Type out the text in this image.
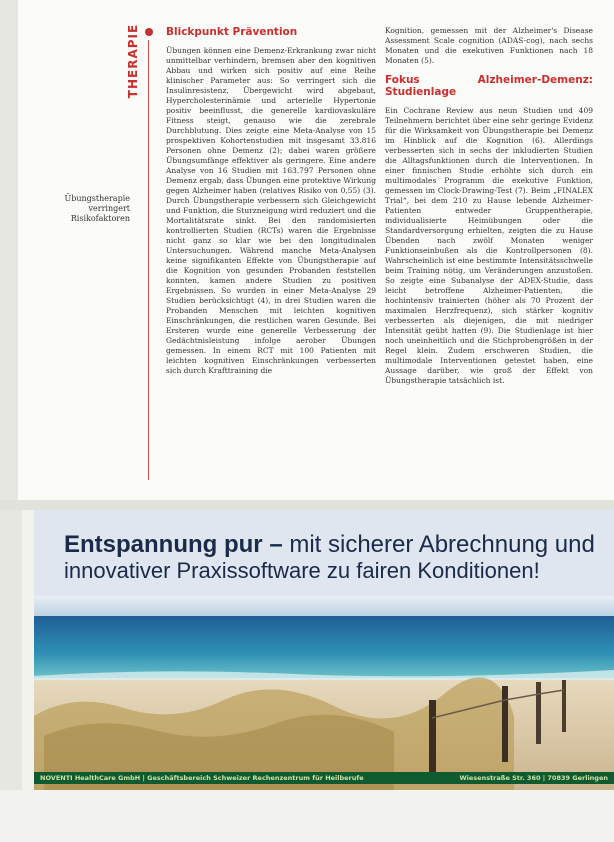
THERAPIE
Übungstherapie verringert Risikofaktoren
Blickpunkt Prävention

Übungen können eine Demenz-Erkrankung zwar nicht unmittelbar verhindern, bremsen aber den kognitiven Abbau und wirken sich positiv auf eine Reihe klinischer Parameter aus: So verringert sich die Insulinresistenz, Übergewicht wird abgebaut, Hypercholesterinämie und arterielle Hypertonie positiv beeinflusst, die generelle kardiovaskuläre Fitness steigt, genauso wie die zerebrale Durchblutung. Dies zeigte eine Meta-Analyse von 15 prospektiven Kohortenstudien mit insgesamt 33.816 Personen ohne Demenz (2); dabei waren größere Übungsumfänge effektiver als geringere. Eine andere Analyse von 16 Studien mit 163.797 Personen ohne Demenz ergab, dass Übungen eine protektive Wirkung gegen Alzheimer haben (relatives Risiko von 0,55) (3). Durch Übungstherapie verbessern sich Gleichgewicht und Funktion, die Sturzneigung wird reduziert und die Mortalitätsrate sinkt. Bei den randomisierten kontrollierten Studien (RCTs) waren die Ergebnisse nicht ganz so klar wie bei den longitudinalen Untersuchungen. Während manche Meta-Analysen keine signifikanten Effekte von Übungstherapie auf die Kognition von gesunden Probanden feststellen konnten, kamen andere Studien zu positiven Ergebnissen. So wurden in einer Meta-Analyse 29 Studien berücksichtigt (4), in drei Studien waren die Probanden Menschen mit leichten kognitiven Einschränkungen, die restlichen waren Gesunde. Bei Ersteren wurde eine generelle Verbesserung der Gedächtnisleistung infolge aerober Übungen gemessen. In einem RCT mit 100 Patienten mit leichten kognitiven Einschränkungen verbesserten sich durch Krafttraining die

Kognition, gemessen mit der Alzheimer's Disease Assessment Scale cognition (ADAS-cog), nach sechs Monaten und die exekutiven Funktionen nach 18 Monaten (5).

Fokus Alzheimer-Demenz: Studienlage

Ein Cochrane Review aus neun Studien und 409 Teilnehmern berichtet über eine sehr geringe Evidenz für die Wirksamkeit von Übungstherapie bei Demenz im Hinblick auf die Kognition (6). Allerdings verbesserten sich in sechs der inkludierten Studien die Alltagsfunktionen durch die Interventionen. In einer finnischen Studie erhöhte sich durch ein multimodales Programm die exekutive Funktion, gemessen im Clock-Drawing-Test (7). Beim „FINALEX Trial“, bei dem 210 zu Hause lebende Alzheimer-Patienten entweder Gruppentherapie, individualisierte Heimübungen oder die Standardversorgung erhielten, zeigten die zu Hause Übenden nach zwölf Monaten weniger Funktionseinbußen als die Kontrollpersonen (8). Wahrscheinlich ist eine bestimmte Intensitätsschwelle beim Training nötig, um Veränderungen anzustoßen. So zeigte eine Subanalyse der ADEX-Studie, dass leicht betroffene Alzheimer-Patienten, die hochintensiv trainierten (höher als 70 Prozent der maximalen Herzfrequenz), sich stärker kognitiv verbesserten als diejenigen, die mit niedriger Intensität geübt hatten (9). Die Studienlage ist hier noch uneinheitlich und die Stichprobengrößen in der Regel klein. Zudem erschweren Studien, die multimodale Interventionen getestet haben, eine Aussage darüber, wie groß der Effekt von Übungstherapie tatsächlich ist.

Entspannung pur – mit sicherer Abrechnung und
innovativer Praxissoftware zu fairen Konditionen!
NOVENTI HealthCare GmbH | Geschäftsbereich Schweizer Rechenzentrum für Heilberufe	Wiesenstraße Str. 360 | 70839 Gerlingen
